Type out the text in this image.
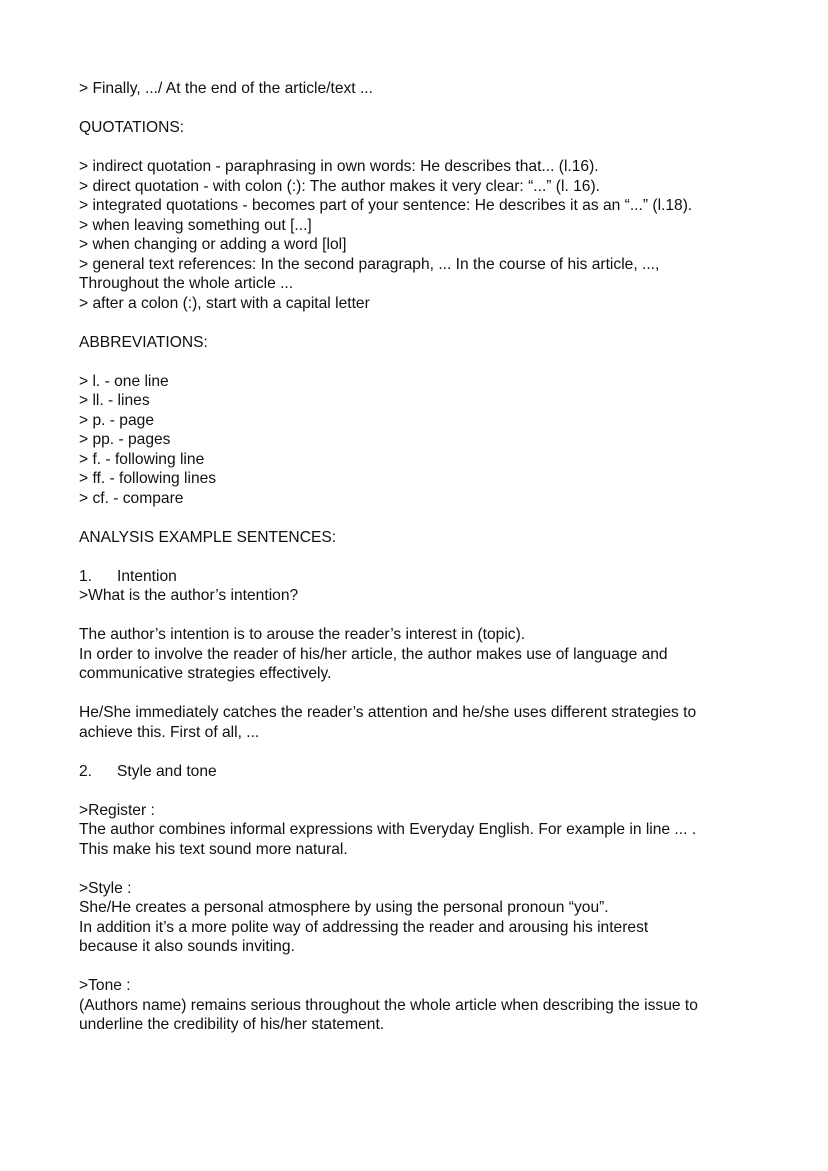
> Finally, .../ At the end of the article/text ...

QUOTATIONS:

> indirect quotation - paraphrasing in own words: He describes that... (l.16).

> direct quotation - with colon (:): The author makes it very clear: “...” (l. 16).

> integrated quotations - becomes part of your sentence: He describes it as an “...” (l.18).

> when leaving something out [...]

> when changing or adding a word [lol]

> general text references: In the second paragraph, ... In the course of his article, ...,

Throughout the whole article ...

> after a colon (:), start with a capital letter

ABBREVIATIONS:

> l. - one line

> ll. - lines

> p. - page

> pp. - pages

> f. - following line

> ff. - following lines

> cf. - compare

ANALYSIS EXAMPLE SENTENCES:

1.	Intention

>What is the author’s intention?

The author’s intention is to arouse the reader’s interest in (topic).

In order to involve the reader of his/her article, the author makes use of language and

communicative strategies effectively.

He/She immediately catches the reader’s attention and he/she uses different strategies to

achieve this. First of all, ...

2.	Style and tone

>Register :

The author combines informal expressions with Everyday English. For example in line ... .

This make his text sound more natural.

>Style :

She/He creates a personal atmosphere by using the personal pronoun “you”.

In addition it’s a more polite way of addressing the reader and arousing his interest

because it also sounds inviting.

>Tone :

(Authors name) remains serious throughout the whole article when describing the issue to

underline the credibility of his/her statement.
